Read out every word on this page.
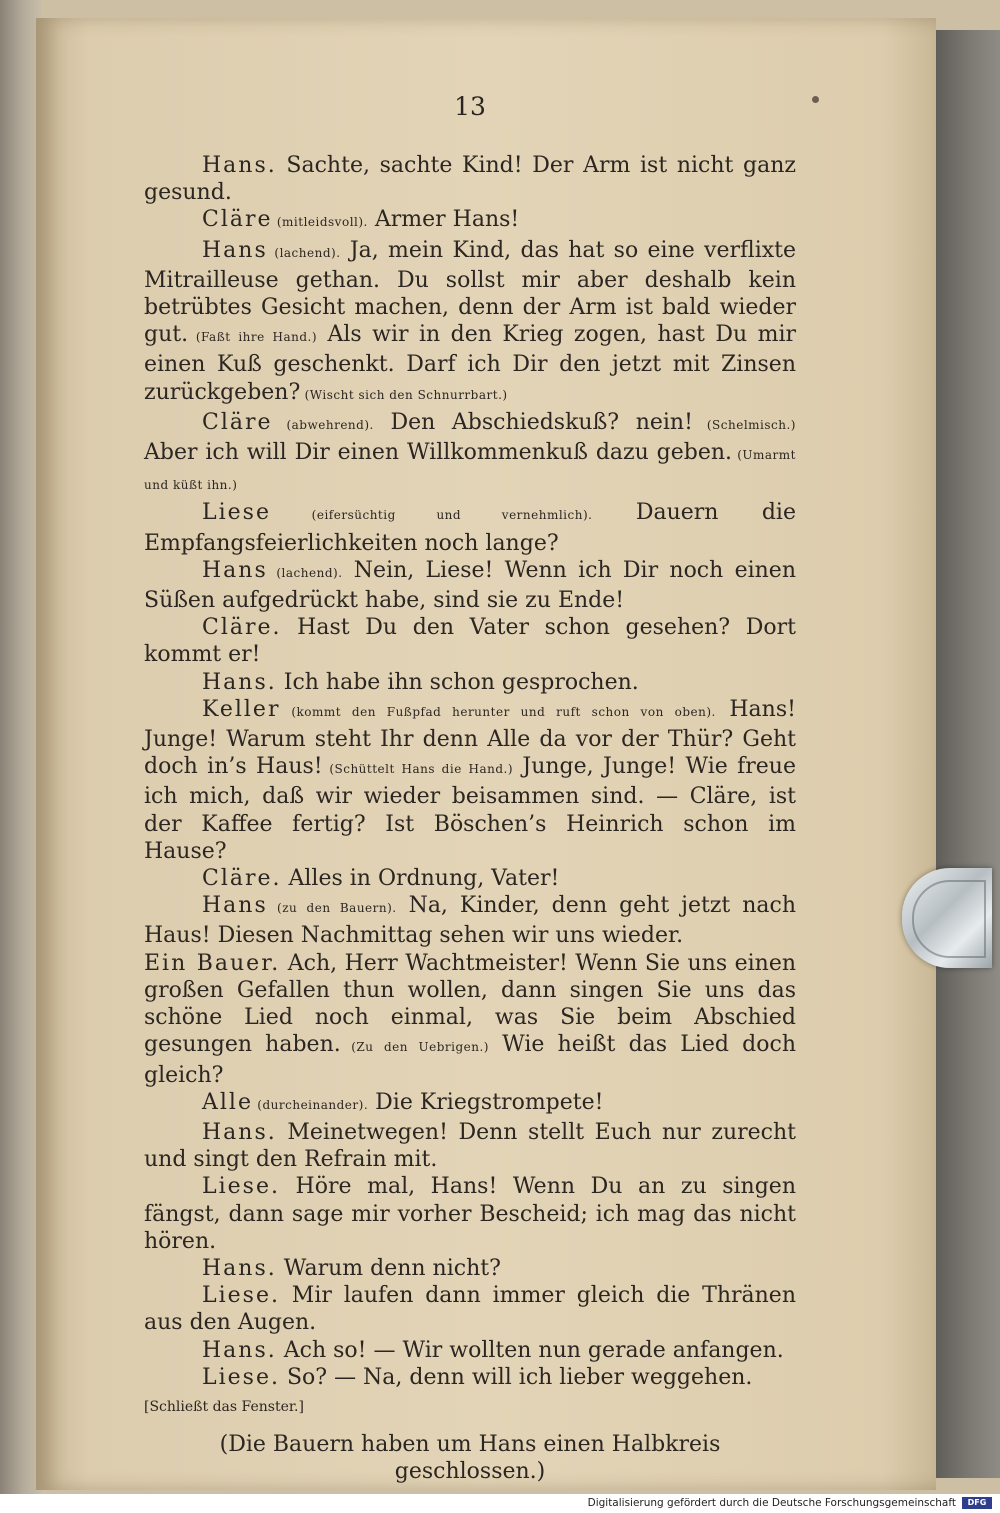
13

Hans. Sachte, sachte Kind! Der Arm ist nicht ganz gesund.

Cläre (mitleidsvoll). Armer Hans!

Hans (lachend). Ja, mein Kind, das hat so eine verflixte Mitrailleuse gethan. Du sollst mir aber deshalb kein betrübtes Gesicht machen, denn der Arm ist bald wieder gut. (Faßt ihre Hand.) Als wir in den Krieg zogen, hast Du mir einen Kuß geschenkt. Darf ich Dir den jetzt mit Zinsen zurückgeben? (Wischt sich den Schnurrbart.)

Cläre (abwehrend). Den Abschiedskuß? nein! (Schelmisch.) Aber ich will Dir einen Willkommenkuß dazu geben. (Umarmt und küßt ihn.)

Liese (eifersüchtig und vernehmlich). Dauern die Empfangsfeierlichkeiten noch lange?

Hans (lachend). Nein, Liese! Wenn ich Dir noch einen Süßen aufgedrückt habe, sind sie zu Ende!

Cläre. Hast Du den Vater schon gesehen? Dort kommt er!

Hans. Ich habe ihn schon gesprochen.

Keller (kommt den Fußpfad herunter und ruft schon von oben). Hans! Junge! Warum steht Ihr denn Alle da vor der Thür? Geht doch in’s Haus! (Schüttelt Hans die Hand.) Junge, Junge! Wie freue ich mich, daß wir wieder beisammen sind. — Cläre, ist der Kaffee fertig? Ist Böschen’s Heinrich schon im Hause?

Cläre. Alles in Ordnung, Vater!

Hans (zu den Bauern). Na, Kinder, denn geht jetzt nach Haus! Diesen Nachmittag sehen wir uns wieder.

Ein Bauer. Ach, Herr Wachtmeister! Wenn Sie uns einen großen Gefallen thun wollen, dann singen Sie uns das schöne Lied noch einmal, was Sie beim Abschied gesungen haben. (Zu den Uebrigen.) Wie heißt das Lied doch gleich?

Alle (durcheinander). Die Kriegstrompete!

Hans. Meinetwegen! Denn stellt Euch nur zurecht und singt den Refrain mit.

Liese. Höre mal, Hans! Wenn Du an zu singen fängst, dann sage mir vorher Bescheid; ich mag das nicht hören.

Hans. Warum denn nicht?

Liese. Mir laufen dann immer gleich die Thränen aus den Augen.

Hans. Ach so! — Wir wollten nun gerade anfangen.

Liese. So? — Na, denn will ich lieber weggehen.

[Schließt das Fenster.]

(Die Bauern haben um Hans einen Halbkreis geschlossen.)

Digitalisierung gefördert durch die Deutsche Forschungsgemeinschaft	DFG
